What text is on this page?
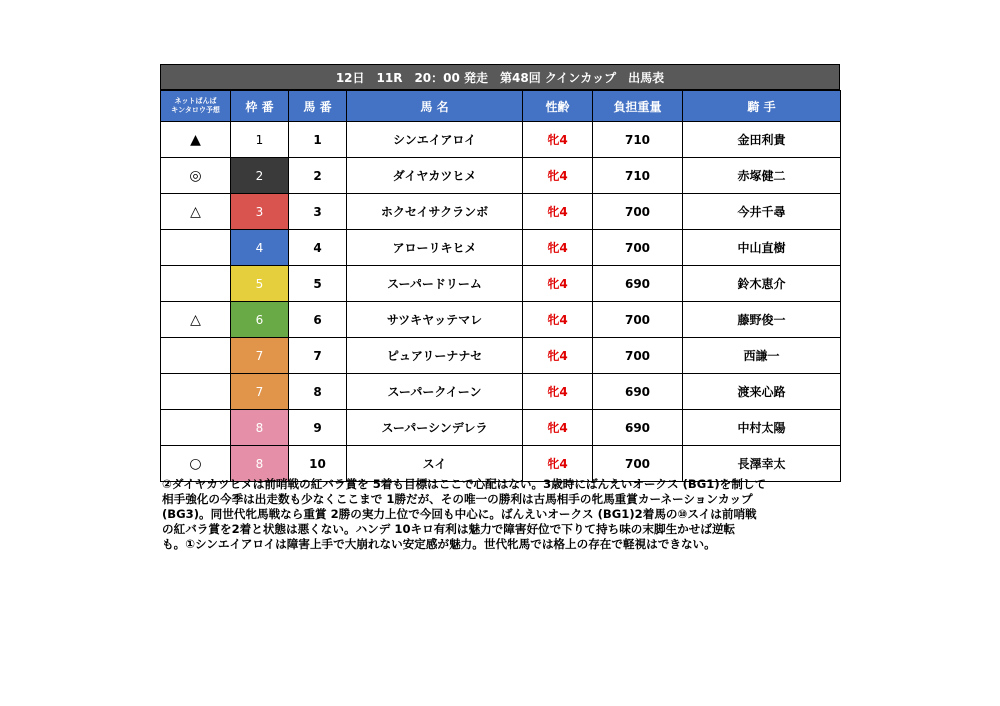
12日　11R　20：00 発走　第48回 クインカップ　出馬表
ネットばんば
キンタロウ予想	枠 番	馬 番	馬 名	性齢	負担重量	騎 手
▲	1	1	シンエイアロイ	牝4	710	金田利貴
◎	2	2	ダイヤカツヒメ	牝4	710	赤塚健二
△	3	3	ホクセイサクランボ	牝4	700	今井千尋
	4	4	アローリキヒメ	牝4	700	中山直樹
	5	5	スーパードリーム	牝4	690	鈴木恵介
△	6	6	サツキヤッテマレ	牝4	700	藤野俊一
	7	7	ピュアリーナナセ	牝4	700	西謙一
	7	8	スーパークイーン	牝4	690	渡来心路
	8	9	スーパーシンデレラ	牝4	690	中村太陽
○	8	10	スイ	牝4	700	長澤幸太

②ダイヤカツヒメは前哨戦の紅バラ賞を 5着も目標はここで心配はない。3歳時にばんえいオークス (BG1)を制して

相手強化の今季は出走数も少なくここまで 1勝だが、その唯一の勝利は古馬相手の牝馬重賞カーネーションカップ

(BG3)。同世代牝馬戦なら重賞 2勝の実力上位で今回も中心に。ばんえいオークス (BG1)2着馬の⑩スイは前哨戦

の紅バラ賞を2着と状態は悪くない。ハンデ 10キロ有利は魅力で障害好位で下りて持ち味の末脚生かせば逆転

も。①シンエイアロイは障害上手で大崩れない安定感が魅力。世代牝馬では格上の存在で軽視はできない。
